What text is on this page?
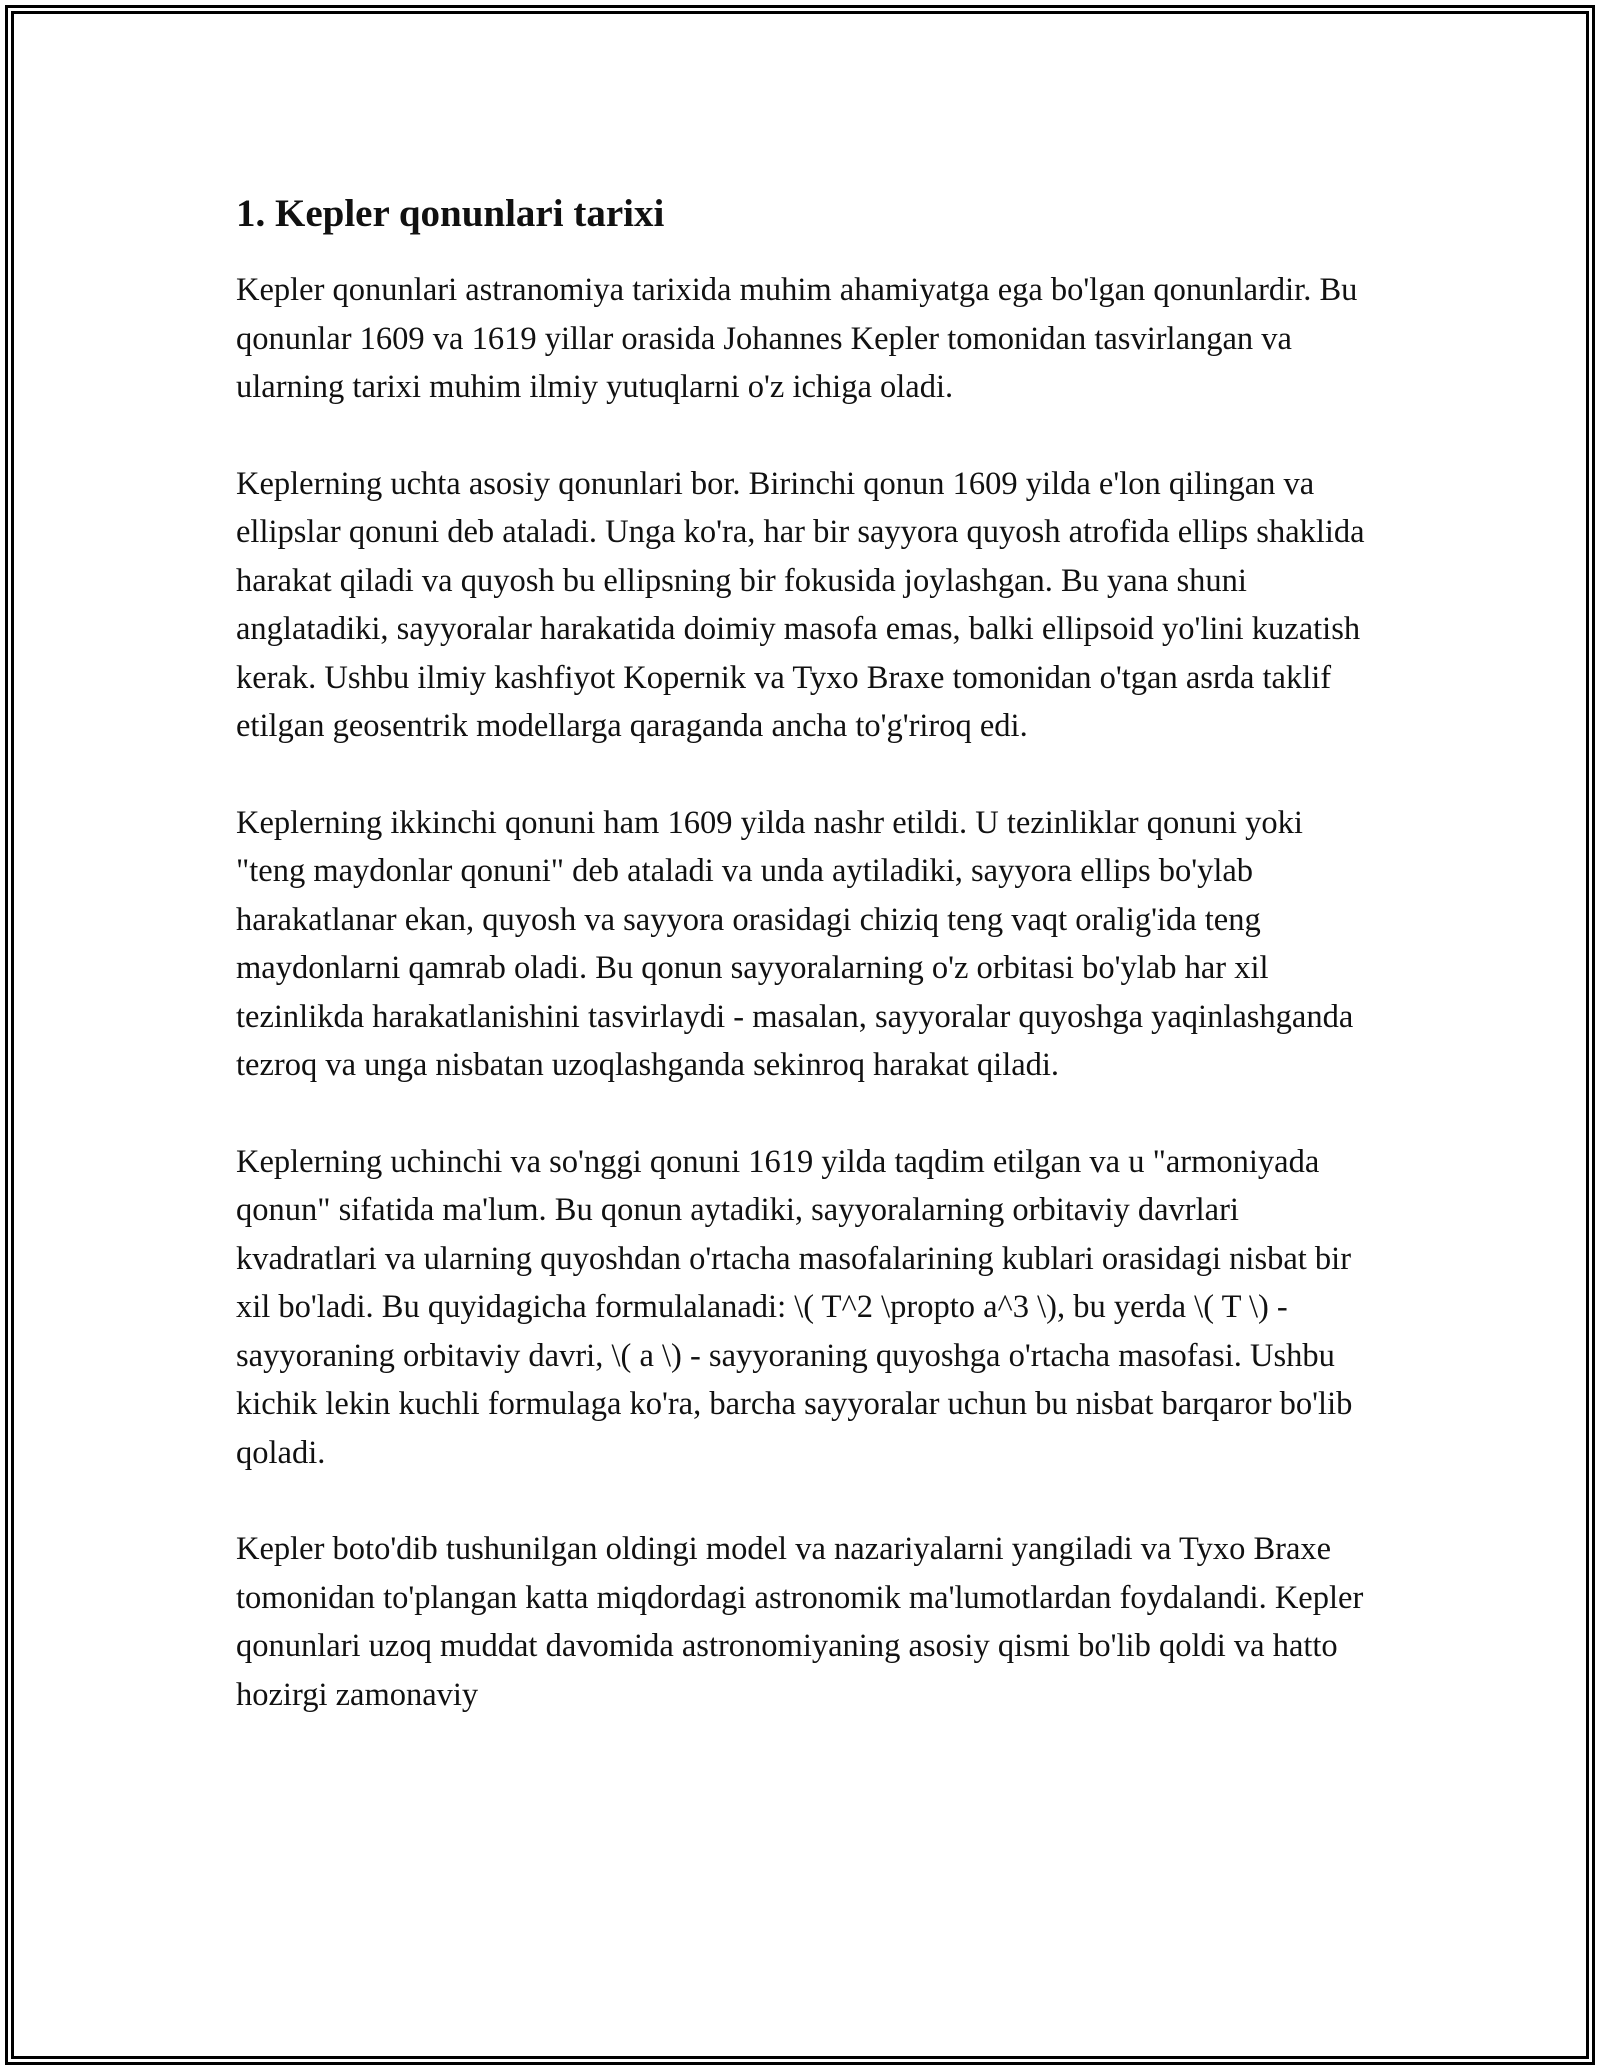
1. Kepler qonunlari tarixi

Kepler qonunlari astranomiya tarixida muhim ahamiyatga ega bo'lgan qonunlardir. Bu qonunlar 1609 va 1619 yillar orasida Johannes Kepler tomonidan tasvirlangan va ularning tarixi muhim ilmiy yutuqlarni o'z ichiga oladi.

Keplerning uchta asosiy qonunlari bor. Birinchi qonun 1609 yilda e'lon qilingan va ellipslar qonuni deb ataladi. Unga ko'ra, har bir sayyora quyosh atrofida ellips shaklida harakat qiladi va quyosh bu ellipsning bir fokusida joylashgan. Bu yana shuni anglatadiki, sayyoralar harakatida doimiy masofa emas, balki ellipsoid yo'lini kuzatish kerak. Ushbu ilmiy kashfiyot Kopernik va Tyxo Braxe tomonidan o'tgan asrda taklif etilgan geosentrik modellarga qaraganda ancha to'g'riroq edi.

Keplerning ikkinchi qonuni ham 1609 yilda nashr etildi. U tezinliklar qonuni yoki "teng maydonlar qonuni" deb ataladi va unda aytiladiki, sayyora ellips bo'ylab harakatlanar ekan, quyosh va sayyora orasidagi chiziq teng vaqt oralig'ida teng maydonlarni qamrab oladi. Bu qonun sayyoralarning o'z orbitasi bo'ylab har xil tezinlikda harakatlanishini tasvirlaydi - masalan, sayyoralar quyoshga yaqinlashganda tezroq va unga nisbatan uzoqlashganda sekinroq harakat qiladi.

Keplerning uchinchi va so'nggi qonuni 1619 yilda taqdim etilgan va u "armoniyada qonun" sifatida ma'lum. Bu qonun aytadiki, sayyoralarning orbitaviy davrlari kvadratlari va ularning quyoshdan o'rtacha masofalarining kublari orasidagi nisbat bir xil bo'ladi. Bu quyidagicha formulalanadi: \( T^2 \propto a^3 \), bu yerda \( T \) - sayyoraning orbitaviy davri, \( a \) - sayyoraning quyoshga o'rtacha masofasi. Ushbu kichik lekin kuchli formulaga ko'ra, barcha sayyoralar uchun bu nisbat barqaror bo'lib qoladi.

Kepler boto'dib tushunilgan oldingi model va nazariyalarni yangiladi va Tyxo Braxe tomonidan to'plangan katta miqdordagi astronomik ma'lumotlardan foydalandi. Kepler qonunlari uzoq muddat davomida astronomiyaning asosiy qismi bo'lib qoldi va hatto hozirgi zamonaviy
